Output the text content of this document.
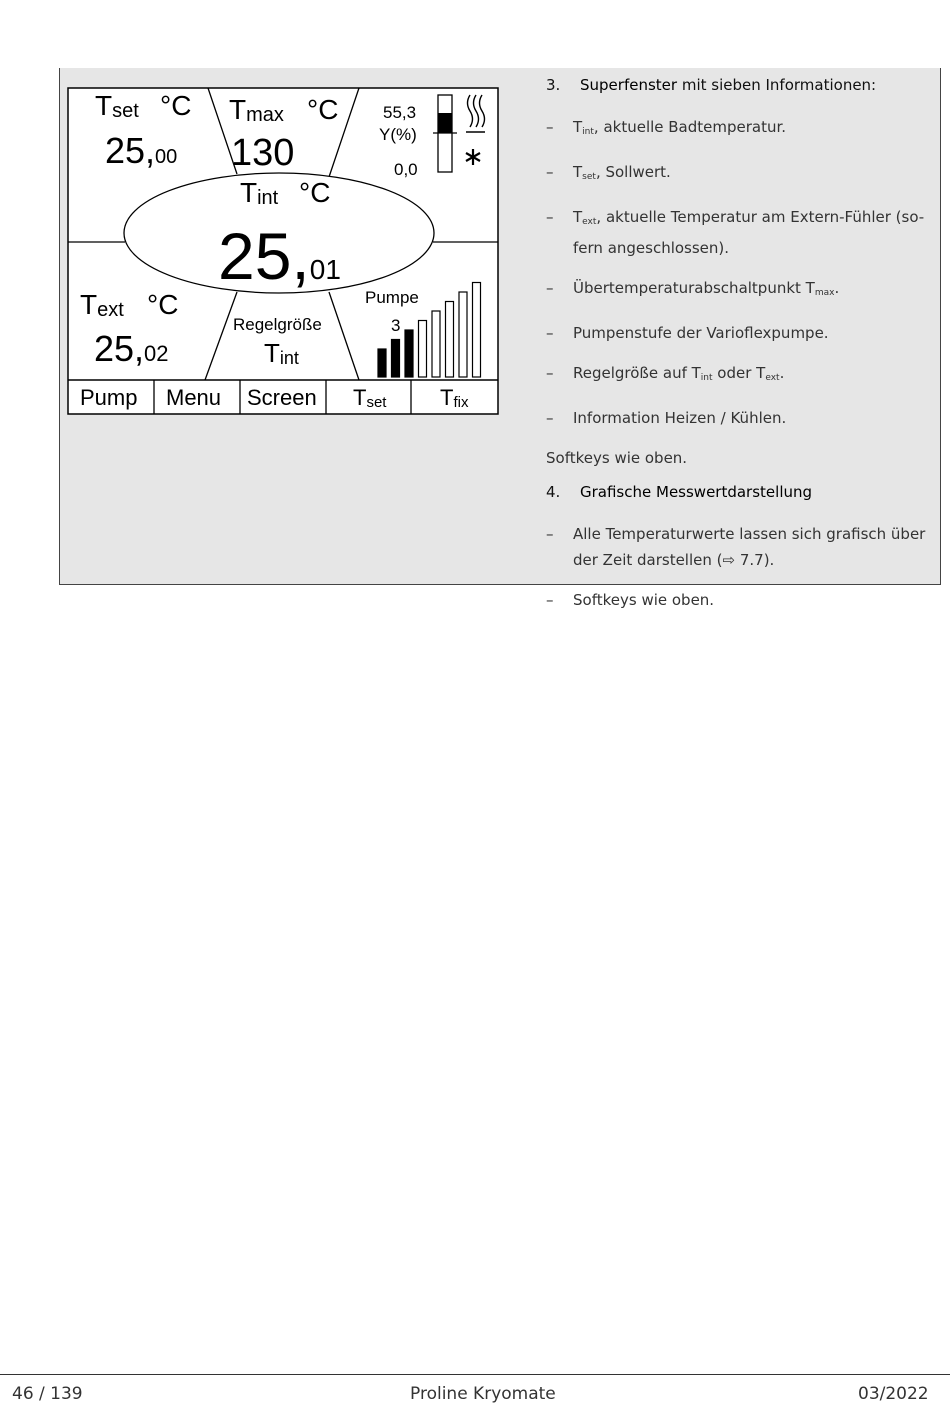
Tset °C
25,00
Tmax °C
130
55,3
Y(%)
0,0
Tint °C
25,01
Text °C
25,02
Regelgröße
Tint
Pumpe
3
Pump Menu Screen Tset Tfix
3.	Superfenster mit sieben Informationen:
–	$T_{int}$, aktuelle Badtemperatur.
–	$T_{set}$, Sollwert.
–	$T_{ext}$, aktuelle Temperatur am Extern-Fühler (so-fern angeschlossen).
–	Übertemperaturabschaltpunkt $T_{max}$.
–	Pumpenstufe der Varioflexpumpe.
–	Regelgröße auf $T_{int}$ oder $T_{ext}$.
–	Information Heizen / Kühlen.
Softkeys wie oben.
4.	Grafische Messwertdarstellung
–	Alle Temperaturwerte lassen sich grafisch über der Zeit darstellen (⇨ 7.7).
–	Softkeys wie oben.
46 / 139	Proline Kryomate	03/2022
